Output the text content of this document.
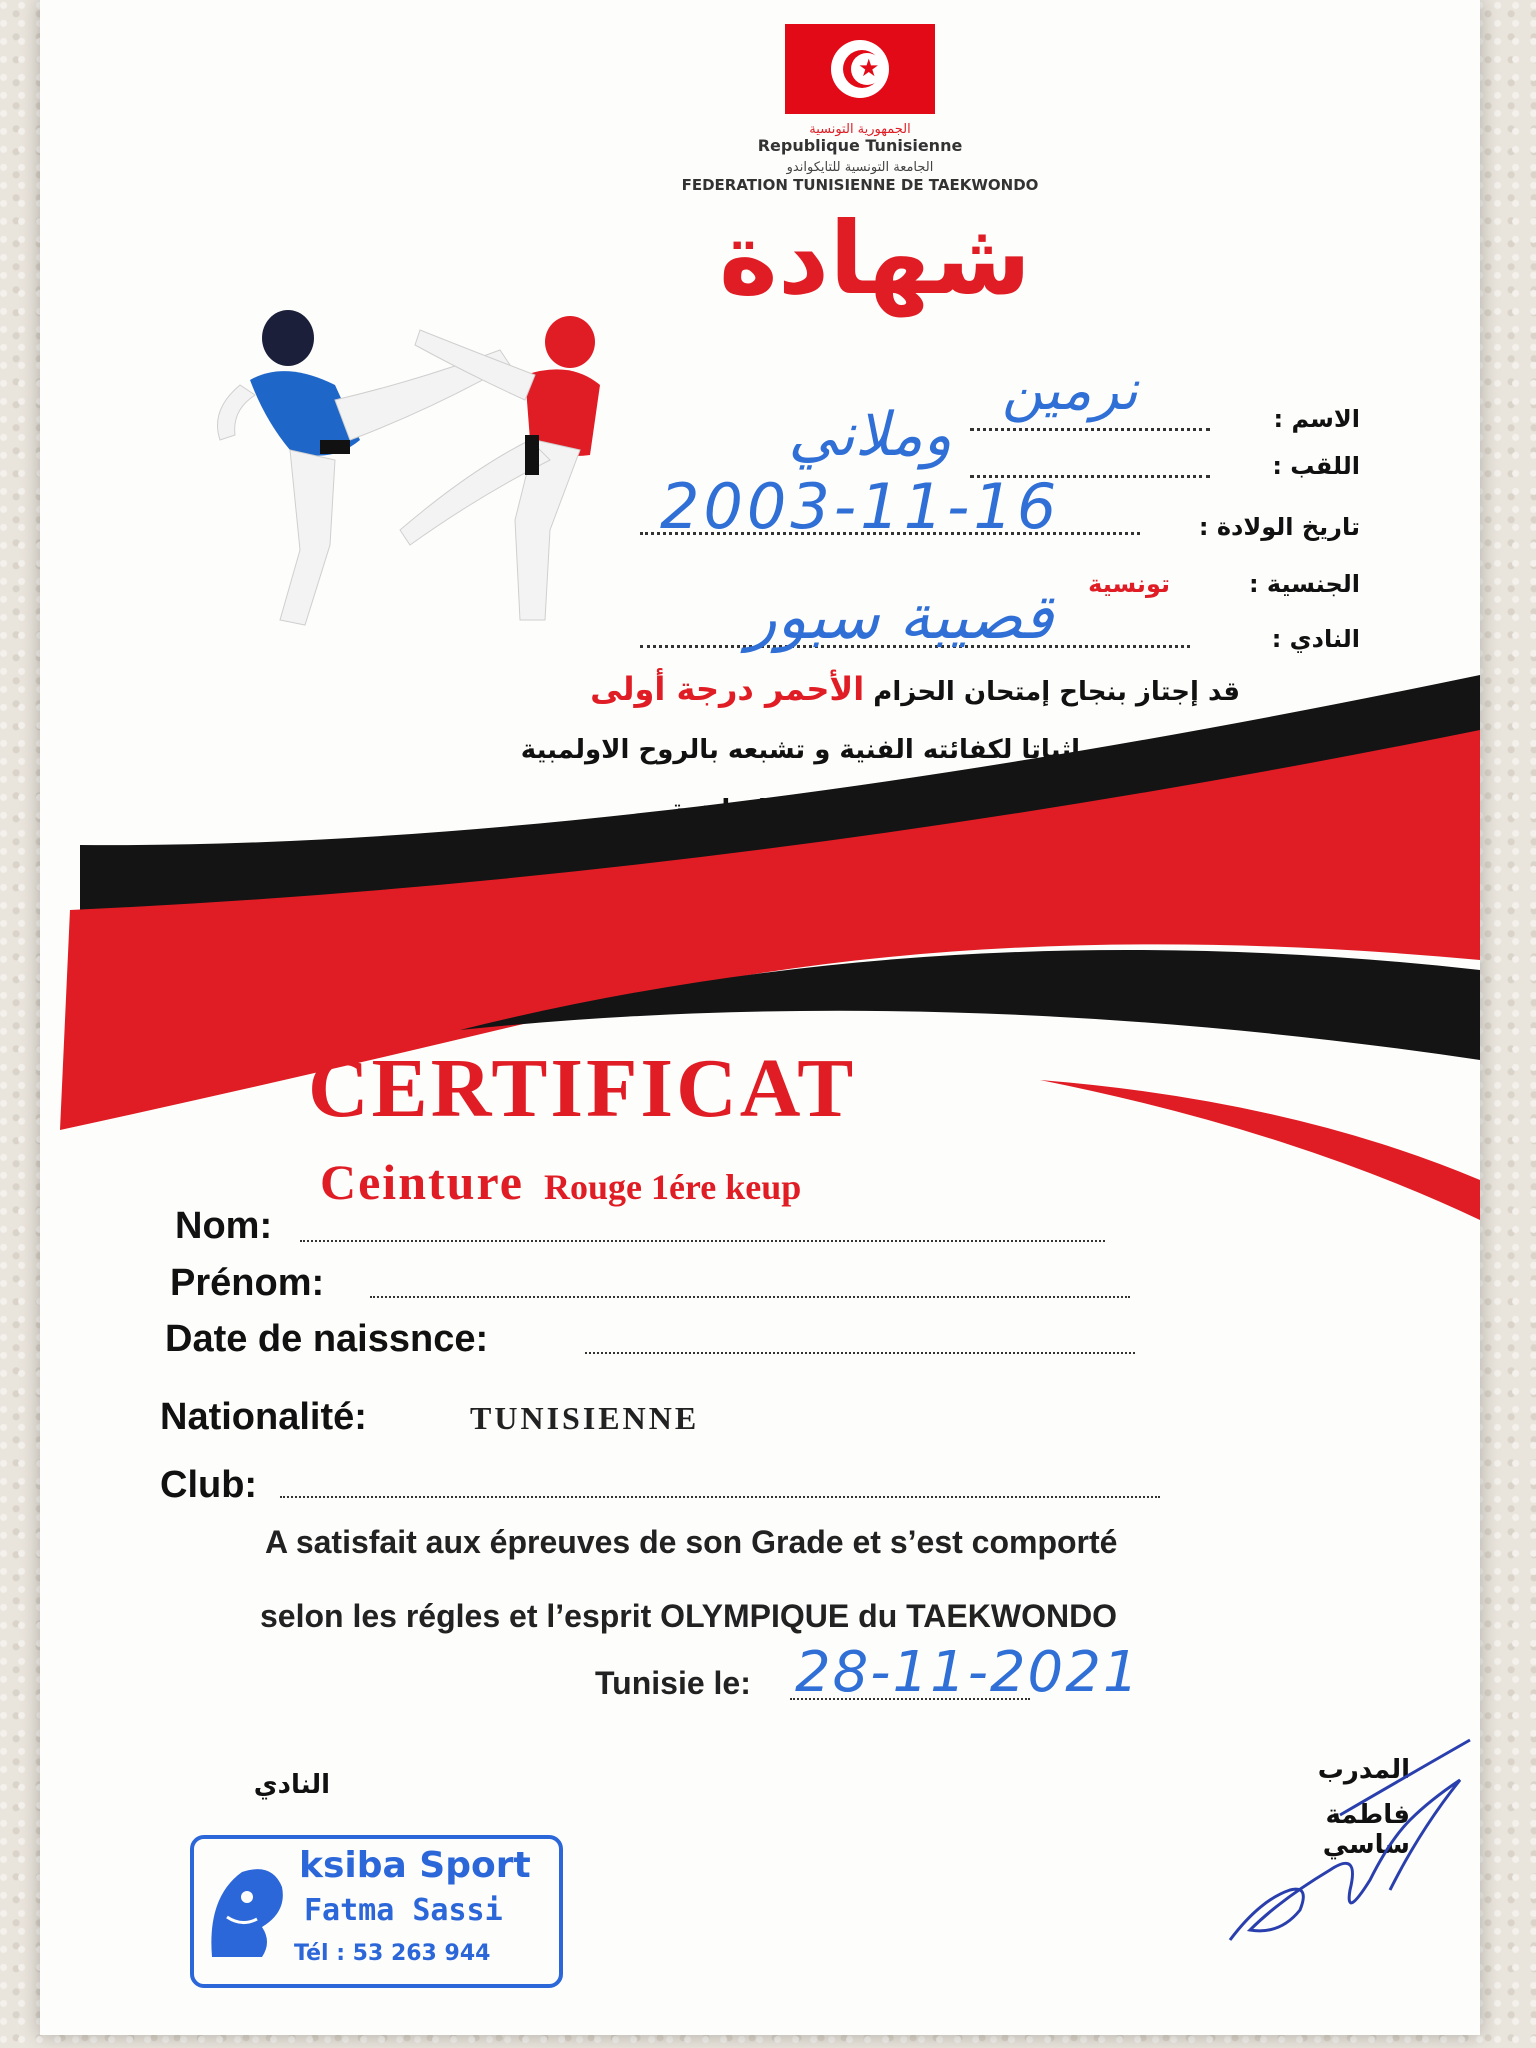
★
الجمهورية التونسية
Republique Tunisienne
الجامعة التونسية للتايكواندو
FEDERATION TUNISIENNE DE TAEKWONDO
شهادة
الاسم :
اللقب :
تاريخ الولادة :
الجنسية :
تونسية
النادي :
نرمين
وملاني
2003-11-16
قصيبة سبور
قد إجتاز بنجاح إمتحان الحزام الأحمر درجة أولى
إثباتا لكفائته الفنية و تشبعه بالروح الاولمبية
CERTIFICAT
Ceinture Rouge 1ére keup
Nom:
Prénom:
Date de naissnce:
Nationalité:	TUNISIENNE
Club:
A satisfait aux épreuves de son Grade et s’est comporté
selon les régles et l’esprit OLYMPIQUE du TAEKWONDO
Tunisie le: 28-11-2021
النادي	المدرب
فاطمة ساسي
ksiba Sport
Fatma Sassi
Tél : 53 263 944
